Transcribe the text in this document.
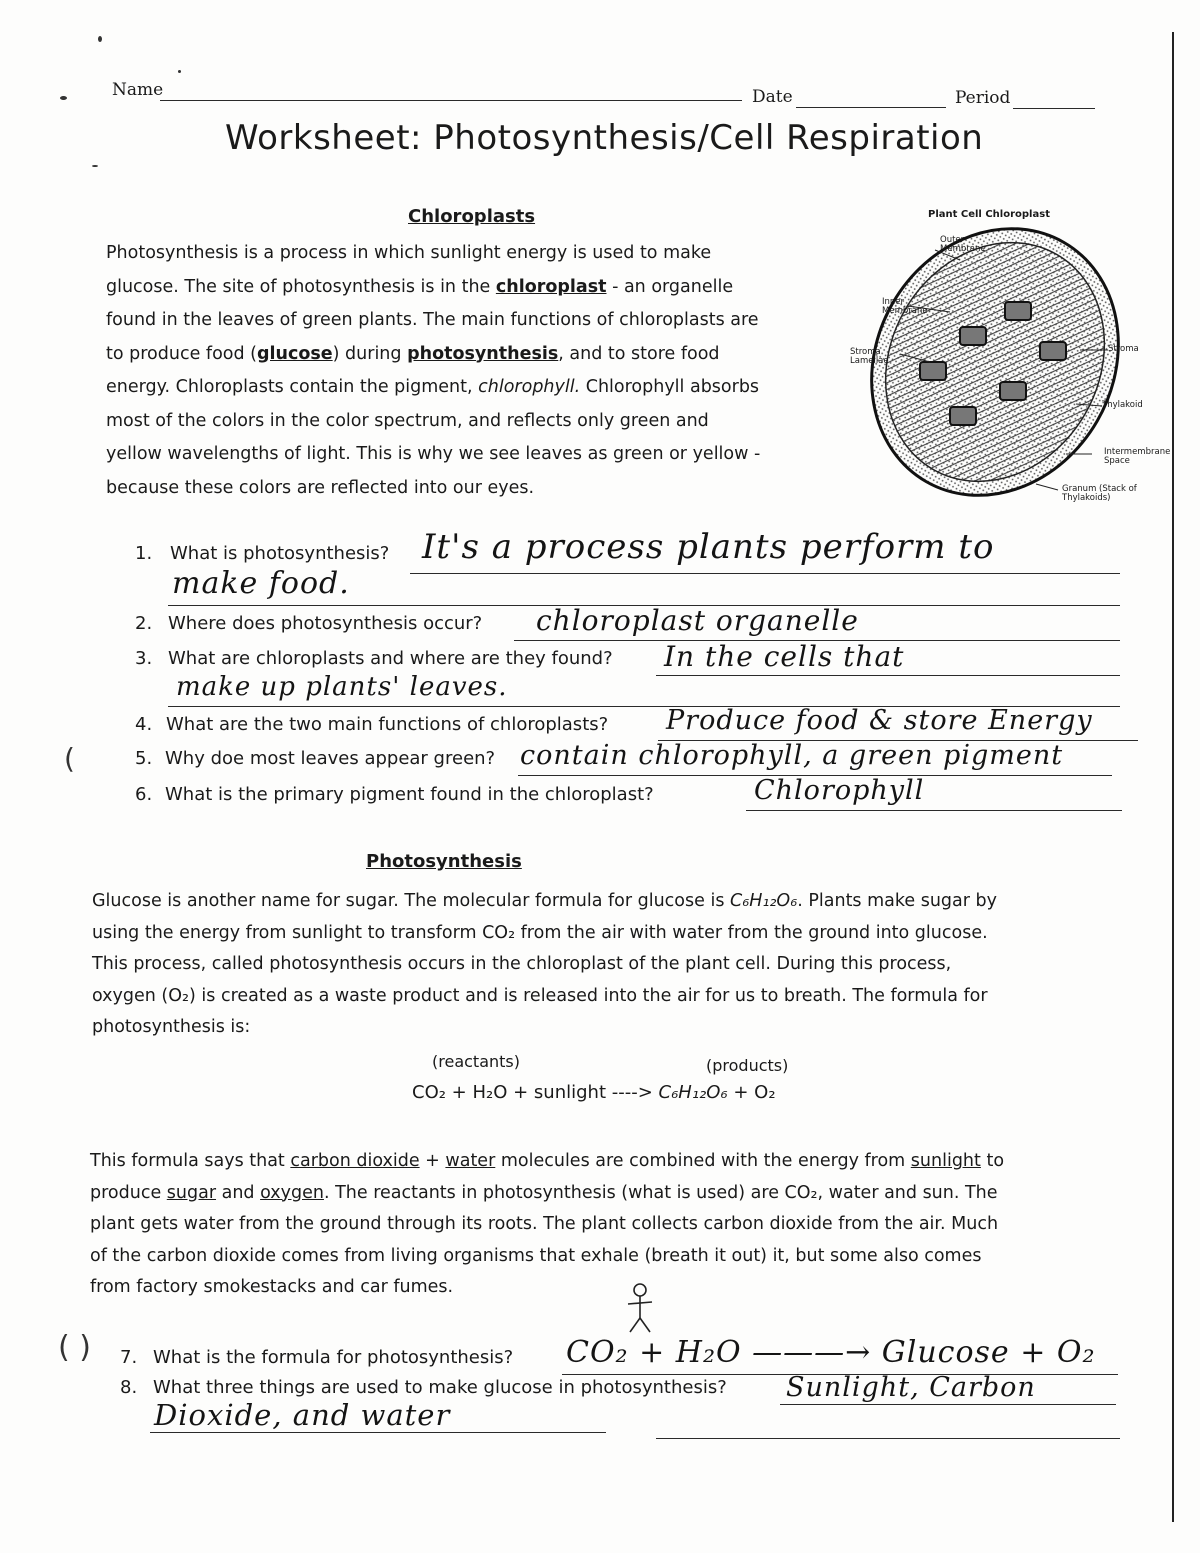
Name	Date	Period
Worksheet: Photosynthesis/Cell Respiration
Chloroplasts
Photosynthesis is a process in which sunlight energy is used to make
glucose. The site of photosynthesis is in the chloroplast - an organelle
found in the leaves of green plants. The main functions of chloroplasts are
to produce food (glucose) during photosynthesis, and to store food
energy. Chloroplasts contain the pigment, chlorophyll. Chlorophyll absorbs
most of the colors in the color spectrum, and reflects only green and
yellow wavelengths of light. This is why we see leaves as green or yellow -
because these colors are reflected into our eyes.
Plant Cell Chloroplast
Outer Membrane
Inner Membrane
Stroma Lamellae
Stroma
Thylakoid
Intermembrane Space
Granum (Stack of Thylakoids)
1. What is photosynthesis? It's a process plants perform to
make food.
2. Where does photosynthesis occur? chloroplast organelle
3. What are chloroplasts and where are they found? In the cells that
make up plants' leaves.
4. What are the two main functions of chloroplasts? Produce food & store Energy
(	5. Why doe most leaves appear green? contain chlorophyll, a green pigment
6. What is the primary pigment found in the chloroplast?	Chlorophyll
Photosynthesis
Glucose is another name for sugar. The molecular formula for glucose is C₆H₁₂O₆. Plants make sugar by
using the energy from sunlight to transform CO₂ from the air with water from the ground into glucose.
This process, called photosynthesis occurs in the chloroplast of the plant cell. During this process,
oxygen (O₂) is created as a waste product and is released into the air for us to breath. The formula for
photosynthesis is:
(reactants)	(products)
CO₂ + H₂O + sunlight ----> C₆H₁₂O₆ + O₂
This formula says that carbon dioxide + water molecules are combined with the energy from sunlight to
produce sugar and oxygen. The reactants in photosynthesis (what is used) are CO₂, water and sun. The
plant gets water from the ground through its roots. The plant collects carbon dioxide from the air. Much
of the carbon dioxide comes from living organisms that exhale (breath it out) it, but some also comes
from factory smokestacks and car fumes.
( ) 7. What is the formula for photosynthesis? CO₂ + H₂O ———→ Glucose + O₂
8. What three things are used to make glucose in photosynthesis? Sunlight, Carbon
Dioxide, and water
